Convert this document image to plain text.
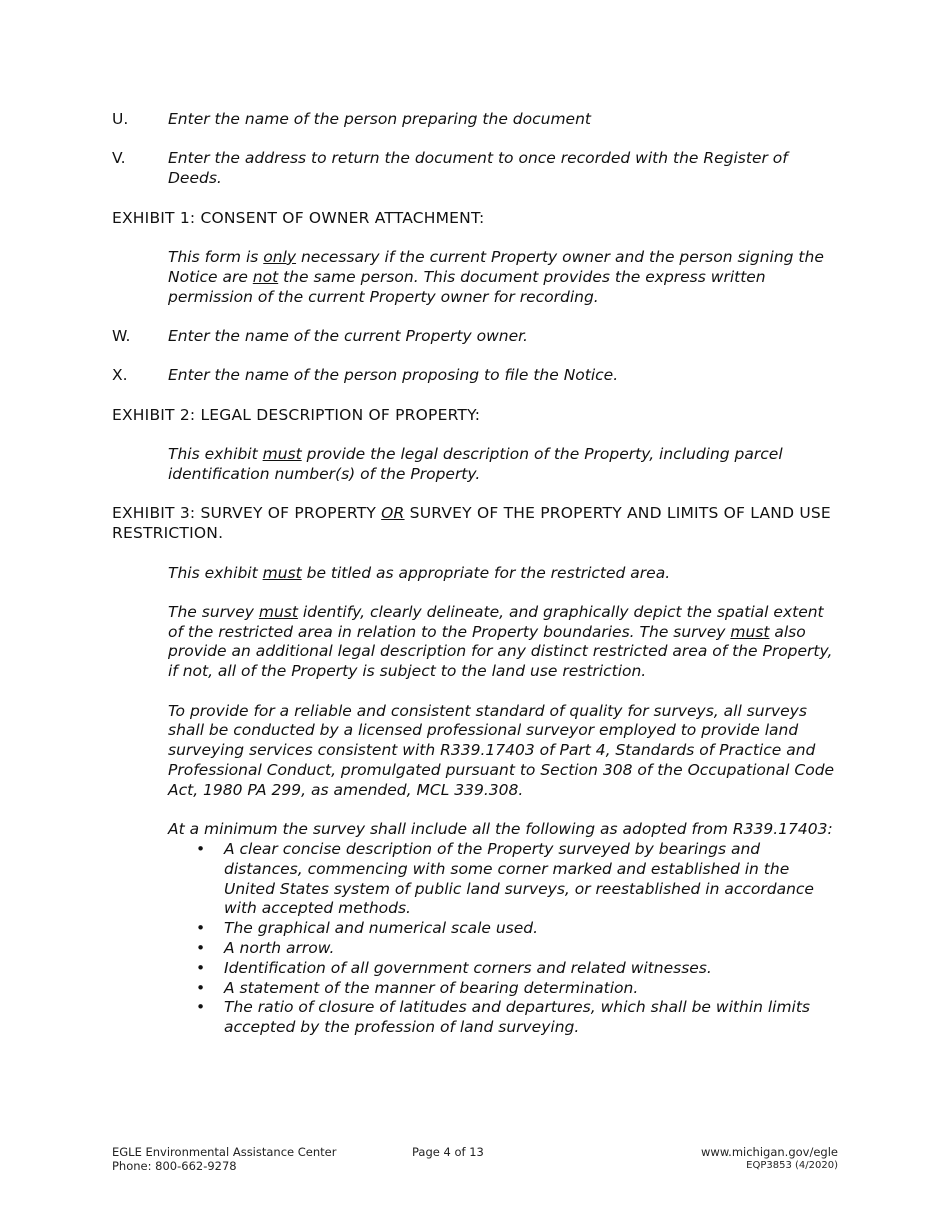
U.	Enter the name of the person preparing the document
V.	Enter the address to return the document to once recorded with the Register of Deeds.
EXHIBIT 1: CONSENT OF OWNER ATTACHMENT:
This form is only necessary if the current Property owner and the person signing the Notice are not the same person. This document provides the express written permission of the current Property owner for recording.
W.	Enter the name of the current Property owner.
X.	Enter the name of the person proposing to file the Notice.
EXHIBIT 2: LEGAL DESCRIPTION OF PROPERTY:
This exhibit must provide the legal description of the Property, including parcel identification number(s) of the Property.
EXHIBIT 3: SURVEY OF PROPERTY OR SURVEY OF THE PROPERTY AND LIMITS OF LAND USE RESTRICTION.
This exhibit must be titled as appropriate for the restricted area.
The survey must identify, clearly delineate, and graphically depict the spatial extent of the restricted area in relation to the Property boundaries. The survey must also provide an additional legal description for any distinct restricted area of the Property, if not, all of the Property is subject to the land use restriction.
To provide for a reliable and consistent standard of quality for surveys, all surveys shall be conducted by a licensed professional surveyor employed to provide land surveying services consistent with R339.17403 of Part 4, Standards of Practice and Professional Conduct, promulgated pursuant to Section 308 of the Occupational Code Act, 1980 PA 299, as amended, MCL 339.308.
At a minimum the survey shall include all the following as adopted from R339.17403:
• A clear concise description of the Property surveyed by bearings and distances, commencing with some corner marked and established in the United States system of public land surveys, or reestablished in accordance with accepted methods.
• The graphical and numerical scale used.
• A north arrow.
• Identification of all government corners and related witnesses.
• A statement of the manner of bearing determination.
• The ratio of closure of latitudes and departures, which shall be within limits accepted by the profession of land surveying.
EGLE Environmental Assistance Center
Phone: 800-662-9278
Page 4 of 13	www.michigan.gov/egle
EQP3853 (4/2020)
